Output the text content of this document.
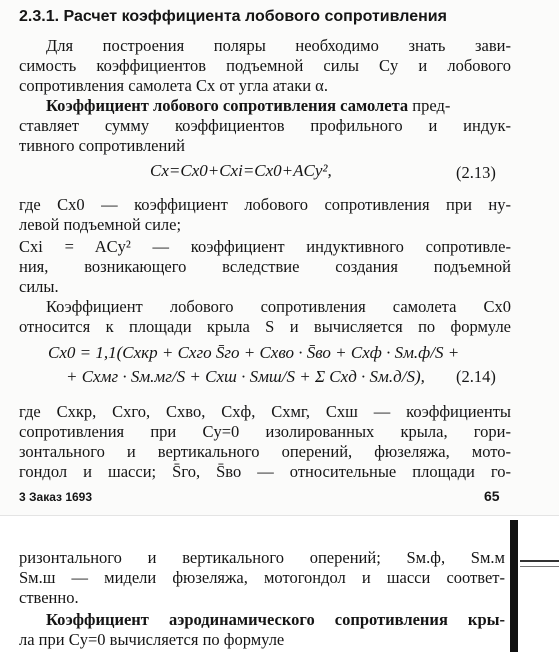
2.3.1. Расчет коэффициента лобового сопротивления
Для построения поляры необходимо знать зави-
симость коэффициентов подъемной силы Cy и лобового
сопротивления самолета Cx от угла атаки α.
Коэффициент лобового сопротивления самолета пред-
ставляет сумму коэффициентов профильного и индук-
тивного сопротивлений
Cx=Cx0+Cxi=Cx0+ACy²,	(2.13)
где Cx0 — коэффициент лобового сопротивления при ну-
левой подъемной силе;
Cxi = ACy² — коэффициент индуктивного сопротивле-
ния, возникающего вследствие создания подъемной
силы.
Коэффициент лобового сопротивления самолета Cx0
относится к площади крыла S и вычисляется по формуле
Cx0 = 1,1(Cxкр + Cxго S̄го + Cxво · S̄во + Cxф · Sм.ф/S +
+ Cxмг · Sм.мг/S + Cxш · Sмш/S + Σ Cxд · Sм.д/S), (2.14)
где Cxкр, Cxго, Cxво, Cxф, Cxмг, Cxш — коэффициенты
сопротивления при Cy=0 изолированных крыла, гори-
зонтального и вертикального оперений, фюзеляжа, мото-
гондол и шасси; S̄го, S̄во — относительные площади го-
3 Заказ 1693	65
ризонтального и вертикального оперений; Sм.ф, Sм.м
Sм.ш — мидели фюзеляжа, мотогондол и шасси соответ-
ственно.
Коэффициент аэродинамического сопротивления кры-
ла при Cy=0 вычисляется по формуле
